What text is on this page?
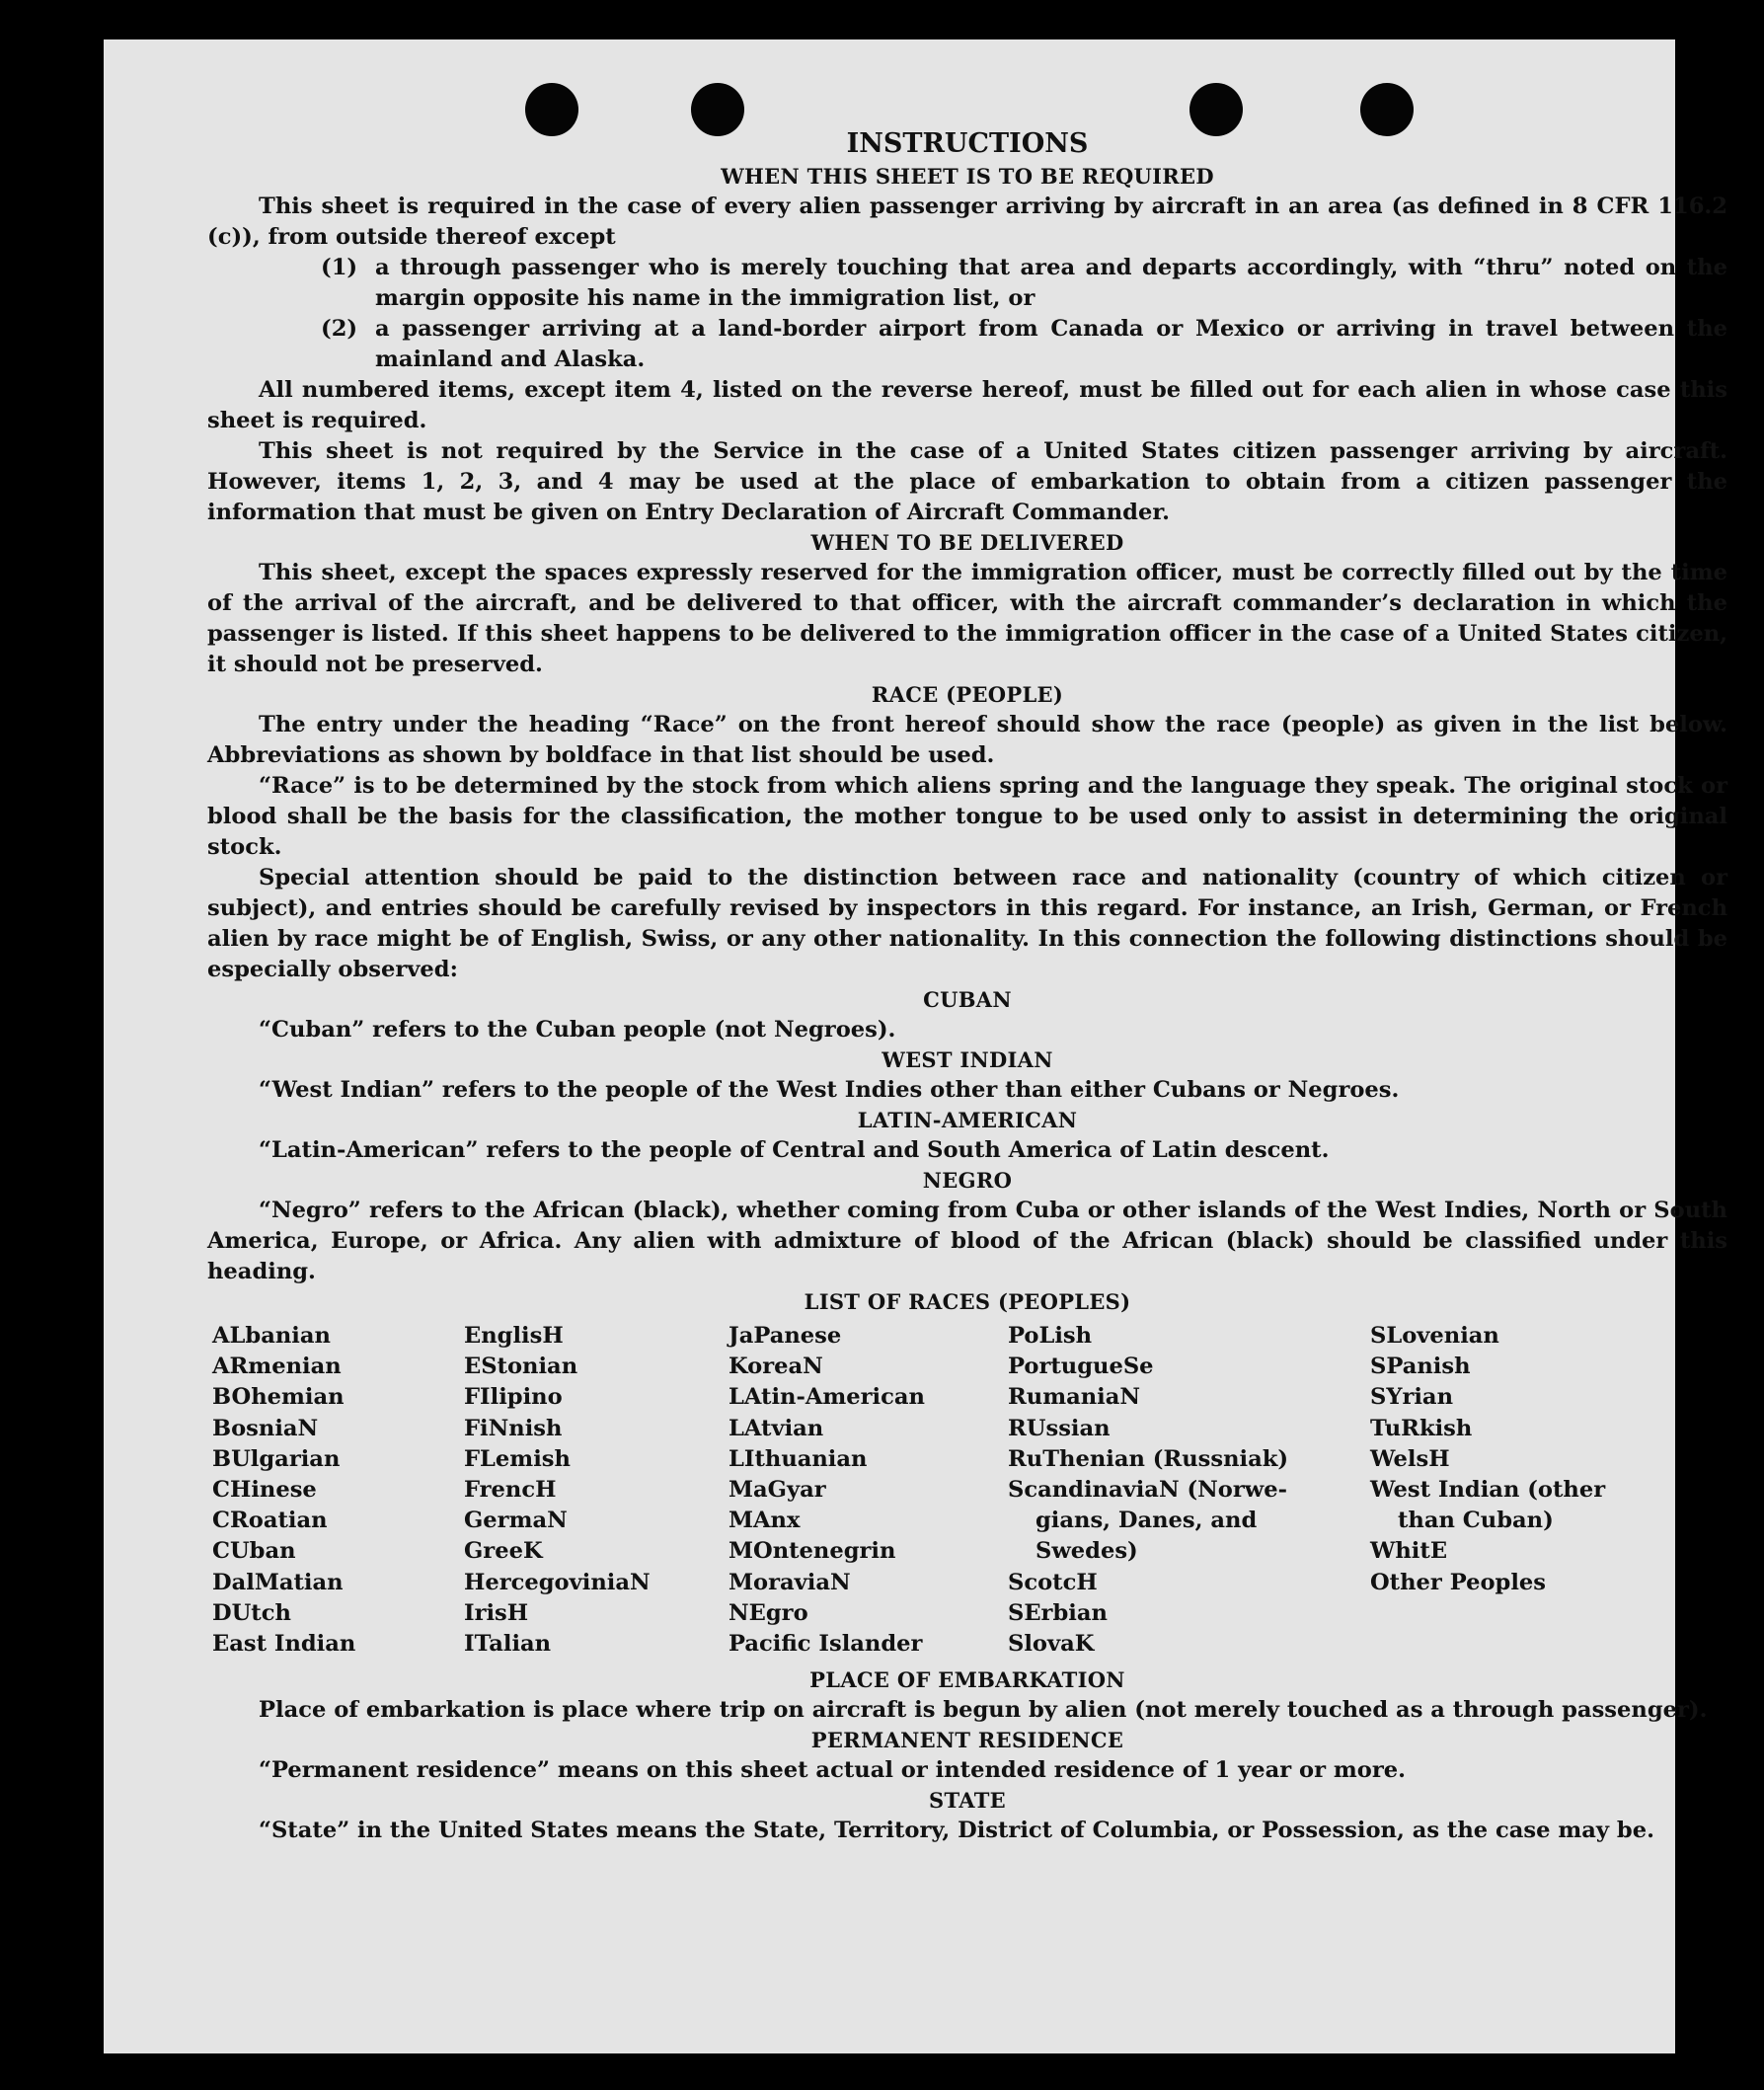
INSTRUCTIONS
WHEN THIS SHEET IS TO BE REQUIRED

This sheet is required in the case of every alien passenger arriving by aircraft in an area (as defined in 8 CFR 116.2 (c)), from outside thereof except

(1) a through passenger who is merely touching that area and departs accordingly, with “thru” noted on the margin opposite his name in the immigration list, or
(2) a passenger arriving at a land-border airport from Canada or Mexico or arriving in travel between the mainland and Alaska.

All numbered items, except item 4, listed on the reverse hereof, must be filled out for each alien in whose case this sheet is required.

This sheet is not required by the Service in the case of a United States citizen passenger arriving by aircraft. However, items 1, 2, 3, and 4 may be used at the place of embarkation to obtain from a citizen passenger the information that must be given on Entry Declaration of Aircraft Commander.

WHEN TO BE DELIVERED

This sheet, except the spaces expressly reserved for the immigration officer, must be correctly filled out by the time of the arrival of the aircraft, and be delivered to that officer, with the aircraft commander’s declaration in which the passenger is listed. If this sheet happens to be delivered to the immigration officer in the case of a United States citizen, it should not be preserved.

RACE (PEOPLE)

The entry under the heading “Race” on the front hereof should show the race (people) as given in the list below. Abbreviations as shown by boldface in that list should be used.

“Race” is to be determined by the stock from which aliens spring and the language they speak. The original stock or blood shall be the basis for the classification, the mother tongue to be used only to assist in determining the original stock.

Special attention should be paid to the distinction between race and nationality (country of which citizen or subject), and entries should be carefully revised by inspectors in this regard. For instance, an Irish, German, or French alien by race might be of English, Swiss, or any other nationality. In this connection the following distinctions should be especially observed:

CUBAN

“Cuban” refers to the Cuban people (not Negroes).

WEST INDIAN

“West Indian” refers to the people of the West Indies other than either Cubans or Negroes.

LATIN-AMERICAN

“Latin-American” refers to the people of Central and South America of Latin descent.

NEGRO

“Negro” refers to the African (black), whether coming from Cuba or other islands of the West Indies, North or South America, Europe, or Africa. Any alien with admixture of blood of the African (black) should be classified under this heading.

LIST OF RACES (PEOPLES)
ALbanian
ARmenian
BOhemian
BosniaN
BUlgarian
CHinese
CRoatian
CUban
DalMatian
DUtch
East Indian
EnglisH
EStonian
FIlipino
FiNnish
FLemish
FrencH
GermaN
GreeK
HercegoviniaN
IrisH
ITalian
JaPanese
KoreaN
LAtin-American
LAtvian
LIthuanian
MaGyar
MAnx
MOntenegrin
MoraviaN
NEgro
Pacific Islander
PoLish
PortugueSe
RumaniaN
RUssian
RuThenian (Russniak)
ScandinaviaN (Norwe-
gians, Danes, and
Swedes)
ScotcH
SErbian
SlovaK
SLovenian
SPanish
SYrian
TuRkish
WelsH
West Indian (other
than Cuban)
WhitE
Other Peoples
PLACE OF EMBARKATION

Place of embarkation is place where trip on aircraft is begun by alien (not merely touched as a through passenger).

PERMANENT RESIDENCE

“Permanent residence” means on this sheet actual or intended residence of 1 year or more.

STATE

“State” in the United States means the State, Territory, District of Columbia, or Possession, as the case may be.
